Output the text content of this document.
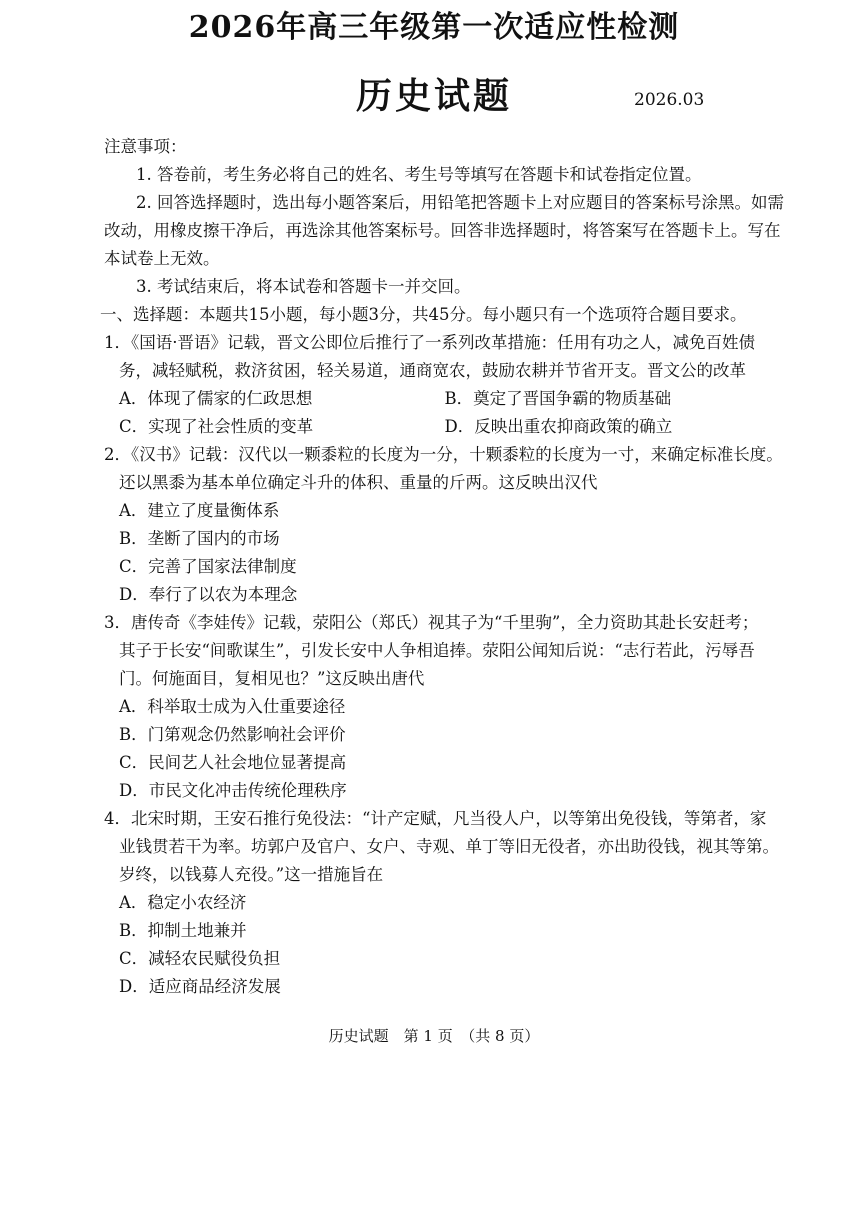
2026年高三年级第一次适应性检测
历史试题	2026.03
注意事项：
1. 答卷前，考生务必将自己的姓名、考生号等填写在答题卡和试卷指定位置。
2. 回答选择题时，选出每小题答案后，用铅笔把答题卡上对应题目的答案标号涂黑。如需
改动，用橡皮擦干净后，再选涂其他答案标号。回答非选择题时，将答案写在答题卡上。写在
本试卷上无效。
3. 考试结束后，将本试卷和答题卡一并交回。
一、选择题：本题共15小题，每小题3分，共45分。每小题只有一个选项符合题目要求。
1．《国语·晋语》记载，晋文公即位后推行了一系列改革措施：任用有功之人，减免百姓债
务，减轻赋税，救济贫困，轻关易道，通商宽农，鼓励农耕并节省开支。晋文公的改革
A．体现了儒家的仁政思想	B．奠定了晋国争霸的物质基础
C．实现了社会性质的变革	D．反映出重农抑商政策的确立
2．《汉书》记载：汉代以一颗黍粒的长度为一分，十颗黍粒的长度为一寸，来确定标准长度。
还以黑黍为基本单位确定斗升的体积、重量的斤两。这反映出汉代
A．建立了度量衡体系
B．垄断了国内的市场
C．完善了国家法律制度
D．奉行了以农为本理念
3．唐传奇《李娃传》记载，荥阳公（郑氏）视其子为“千里驹”，全力资助其赴长安赶考；
其子于长安“间歌谋生”，引发长安中人争相追捧。荥阳公闻知后说：“志行若此，污辱吾
门。何施面目，复相见也？”这反映出唐代
A．科举取士成为入仕重要途径
B．门第观念仍然影响社会评价
C．民间艺人社会地位显著提高
D．市民文化冲击传统伦理秩序
4．北宋时期，王安石推行免役法：“计产定赋，凡当役人户，以等第出免役钱，等第者，家
业钱贯若干为率。坊郭户及官户、女户、寺观、单丁等旧无役者，亦出助役钱，视其等第。
岁终，以钱募人充役。”这一措施旨在
A．稳定小农经济
B．抑制土地兼并
C．减轻农民赋役负担
D．适应商品经济发展
历史试题　第 1 页　（共 8 页）
